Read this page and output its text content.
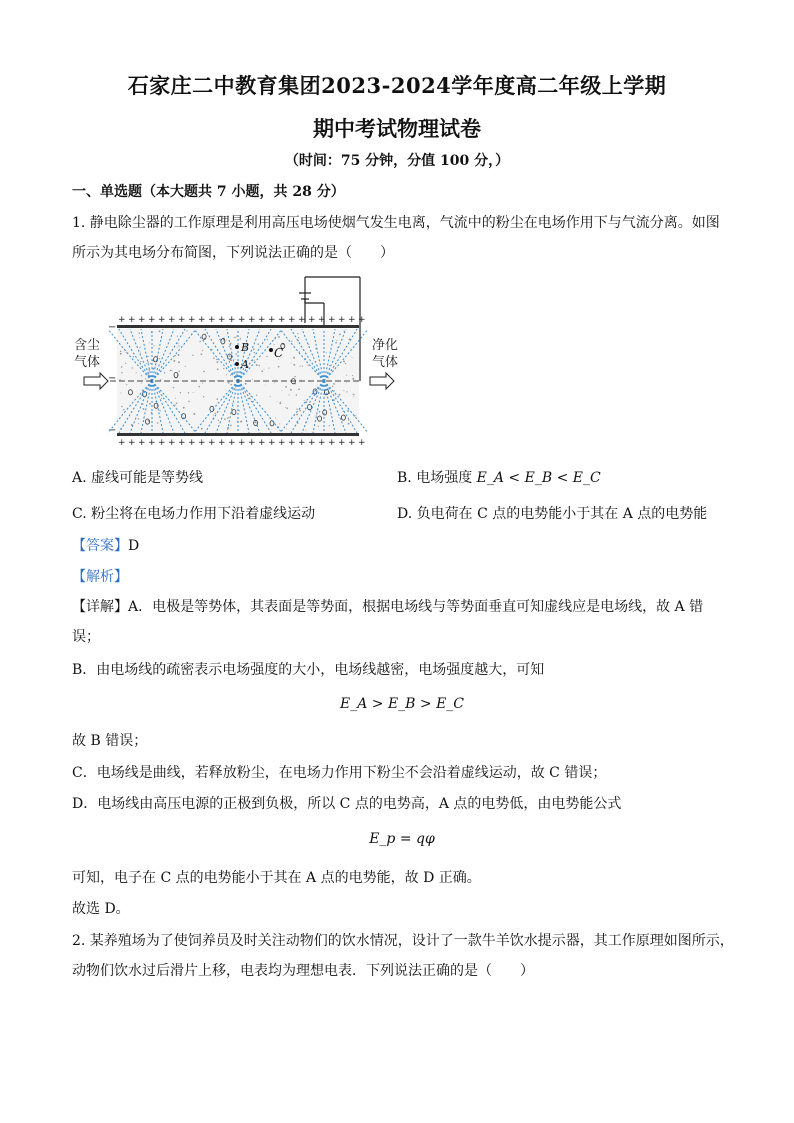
石家庄二中教育集团2023-2024学年度高二年级上学期
期中考试物理试卷
（时间：75 分钟，分值 100 分，）
一、单选题（本大题共 7 小题，共 28 分）
1. 静电除尘器的工作原理是利用高压电场使烟气发生电离，气流中的粉尘在电场作用下与气流分离。如图
所示为其电场分布简图，下列说法正确的是（　　）
+
+
+
+
+
+
+
+
+
+
+
+
+
+
+
+
+
+
+
+
+
+
+
+
+
+
+
+
+
+
+
+
+
+
+
+
+
+
+
+
+
+
+
+
+
+
+
+
+
+
−
−
−
含尘
气体
净化
气体
B
A
C
A. 虚线可能是等势线	B. 电场强度 E_A < E_B < E_C
C. 粉尘将在电场力作用下沿着虚线运动	D. 负电荷在 C 点的电势能小于其在 A 点的电势能
【答案】D
【解析】
【详解】A．电极是等势体，其表面是等势面，根据电场线与等势面垂直可知虚线应是电场线，故 A 错
误；
B．由电场线的疏密表示电场强度的大小，电场线越密，电场强度越大，可知
E_A > E_B > E_C
故 B 错误；
C．电场线是曲线，若释放粉尘，在电场力作用下粉尘不会沿着虚线运动，故 C 错误；
D．电场线由高压电源的正极到负极，所以 C 点的电势高，A 点的电势低，由电势能公式
E_p = qφ
可知，电子在 C 点的电势能小于其在 A 点的电势能，故 D 正确。
故选 D。
2. 某养殖场为了使饲养员及时关注动物们的饮水情况，设计了一款牛羊饮水提示器，其工作原理如图所示，
动物们饮水过后滑片上移，电表均为理想电表．下列说法正确的是（　　）
